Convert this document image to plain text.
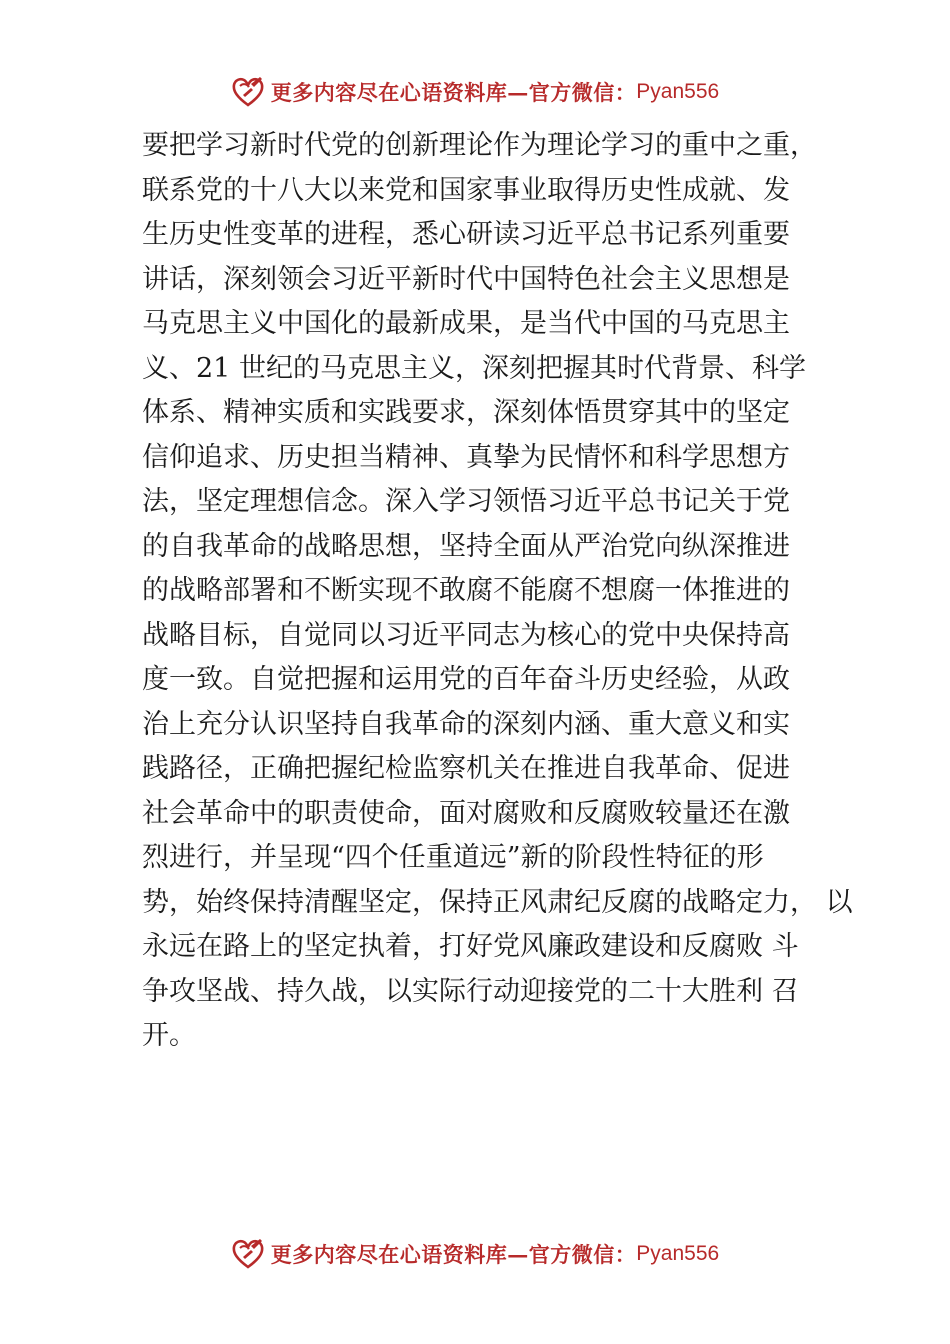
更多内容尽在心语资料库—官方微信： Pyan556
要把学习新时代党的创新理论作为理论学习的重中之重，
联系党的十八大以来党和国家事业取得历史性成就、发
生历史性变革的进程，悉心研读习近平总书记系列重要
讲话，深刻领会习近平新时代中国特色社会主义思想是
马克思主义中国化的最新成果，是当代中国的马克思主
义、21 世纪的马克思主义，深刻把握其时代背景、科学
体系、精神实质和实践要求，深刻体悟贯穿其中的坚定
信仰追求、历史担当精神、真挚为民情怀和科学思想方
法，坚定理想信念。深入学习领悟习近平总书记关于党
的自我革命的战略思想，坚持全面从严治党向纵深推进
的战略部署和不断实现不敢腐不能腐不想腐一体推进的
战略目标，自觉同以习近平同志为核心的党中央保持高
度一致。自觉把握和运用党的百年奋斗历史经验，从政
治上充分认识坚持自我革命的深刻内涵、重大意义和实
践路径，正确把握纪检监察机关在推进自我革命、促进
社会革命中的职责使命，面对腐败和反腐败较量还在激
烈进行，并呈现“四个任重道远”新的阶段性特征的形
势，始终保持清醒坚定，保持正风肃纪反腐的战略定力， 以
永远在路上的坚定执着，打好党风廉政建设和反腐败 斗
争攻坚战、持久战，以实际行动迎接党的二十大胜利 召
开。
更多内容尽在心语资料库—官方微信： Pyan556
